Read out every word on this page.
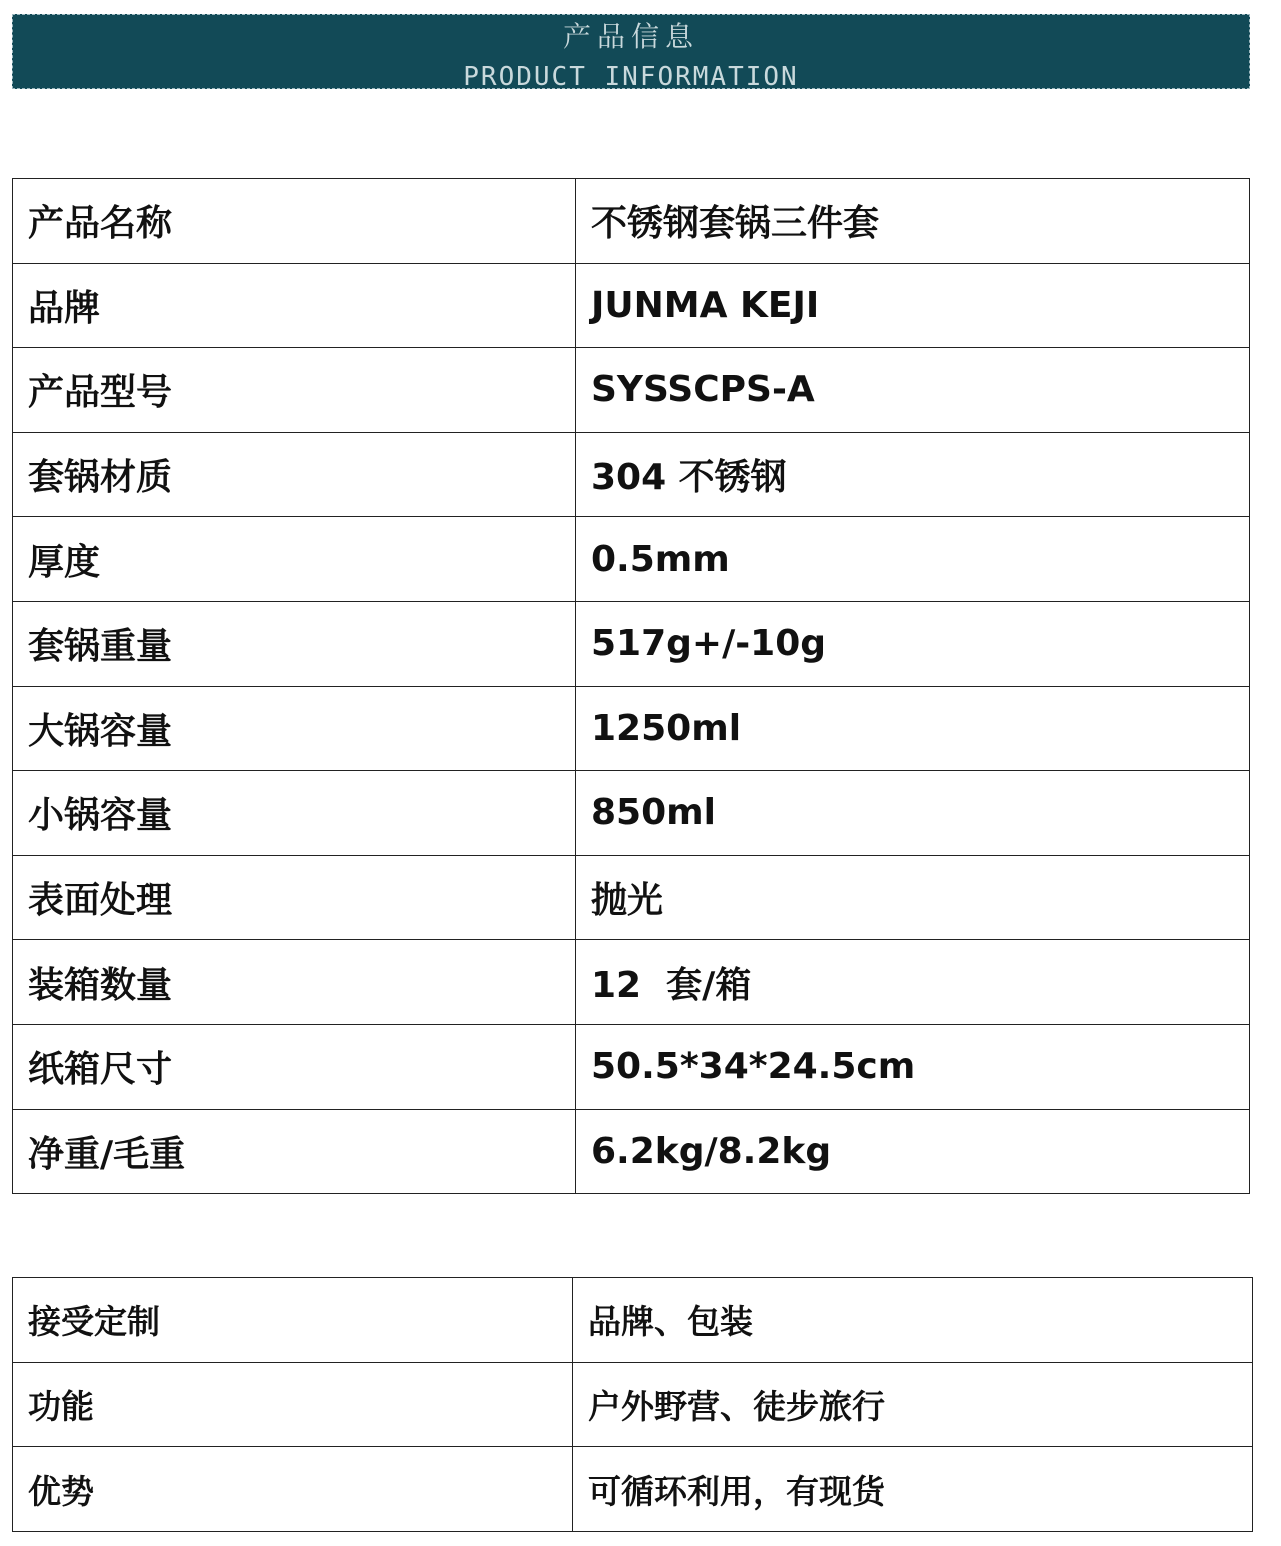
产品信息
PRODUCT INFORMATION
产品名称	不锈钢套锅三件套
品牌	JUNMA KEJI
产品型号	SYSSCPS-A
套锅材质	304 不锈钢
厚度	0.5mm
套锅重量	517g+/-10g
大锅容量	1250ml
小锅容量	850ml
表面处理	抛光
装箱数量	12  套/箱
纸箱尺寸	50.5*34*24.5cm
净重/毛重	6.2kg/8.2kg
接受定制	品牌、包装
功能	户外野营、徒步旅行
优势	可循环利用，有现货
